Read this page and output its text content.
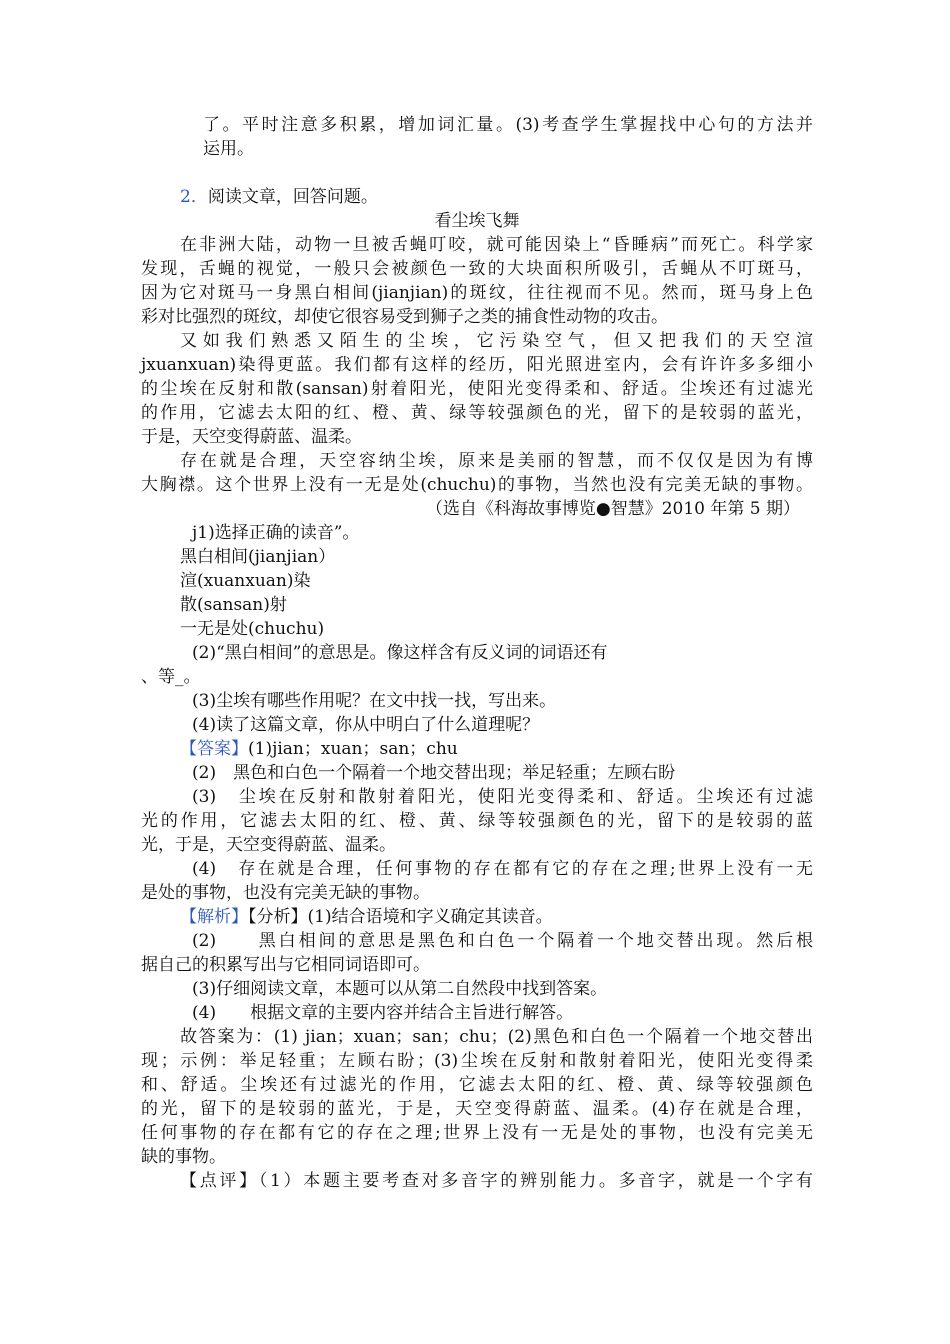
了。平时注意多积累，增加词汇量。(3)考查学生掌握找中心句的方法并
运用。
2．阅读文章，回答问题。
看尘埃飞舞
在非洲大陆，动物一旦被舌蝇叮咬，就可能因染上“昏睡病”而死亡。科学家
发现，舌蝇的视觉，一般只会被颜色一致的大块面积所吸引，舌蝇从不叮斑马，
因为它对斑马一身黑白相间(jianjian)的斑纹，往往视而不见。然而，斑马身上色
彩对比强烈的斑纹，却使它很容易受到狮子之类的捕食性动物的攻击。
又如我们熟悉又陌生的尘埃，它污染空气，但又把我们的天空渲
jxuanxuan)染得更蓝。我们都有这样的经历，阳光照进室内，会有许许多多细小
的尘埃在反射和散(sansan)射着阳光，使阳光变得柔和、舒适。尘埃还有过滤光
的作用，它滤去太阳的红、橙、黄、绿等较强颜色的光，留下的是较弱的蓝光，
于是，天空变得蔚蓝、温柔。
存在就是合理，天空容纳尘埃，原来是美丽的智慧，而不仅仅是因为有博
大胸襟。这个世界上没有一无是处(chuchu)的事物，当然也没有完美无缺的事物。
（选自《科海故事博览●智慧》2010 年第 5 期）
j1)选择正确的读音”。
黑白相间(jianjian）
渲(xuanxuan)染
散(sansan)射
一无是处(chuchu)
(2)“黑白相间”的意思是。像这样含有反义词的词语还有
、等_。
(3)尘埃有哪些作用呢？在文中找一找，写出来。
(4)读了这篇文章，你从中明白了什么道理呢？
【答案】(1)jian；xuan；san；chu
(2)　黑色和白色一个隔着一个地交替出现；举足轻重；左顾右盼
(3)　尘埃在反射和散射着阳光，使阳光变得柔和、舒适。尘埃还有过滤
光的作用，它滤去太阳的红、橙、黄、绿等较强颜色的光，留下的是较弱的蓝
光，于是，天空变得蔚蓝、温柔。
(4)　存在就是合理，任何事物的存在都有它的存在之理;世界上没有一无
是处的事物，也没有完美无缺的事物。
【解析】【分析】(1)结合语境和字义确定其读音。
(2)　　黑白相间的意思是黑色和白色一个隔着一个地交替出现。然后根
据自己的积累写出与它相同词语即可。
(3)仔细阅读文章，本题可以从第二自然段中找到答案。
(4)　　根据文章的主要内容并结合主旨进行解答。
故答案为：(1) jian；xuan；san；chu；(2)黑色和白色一个隔着一个地交替出
现；示例：举足轻重；左顾右盼；(3)尘埃在反射和散射着阳光，使阳光变得柔
和、舒适。尘埃还有过滤光的作用，它滤去太阳的红、橙、黄、绿等较强颜色
的光，留下的是较弱的蓝光，于是，天空变得蔚蓝、温柔。(4)存在就是合理，
任何事物的存在都有它的存在之理;世界上没有一无是处的事物，也没有完美无
缺的事物。
【点评】（1）本题主要考查对多音字的辨别能力。多音字，就是一个字有
